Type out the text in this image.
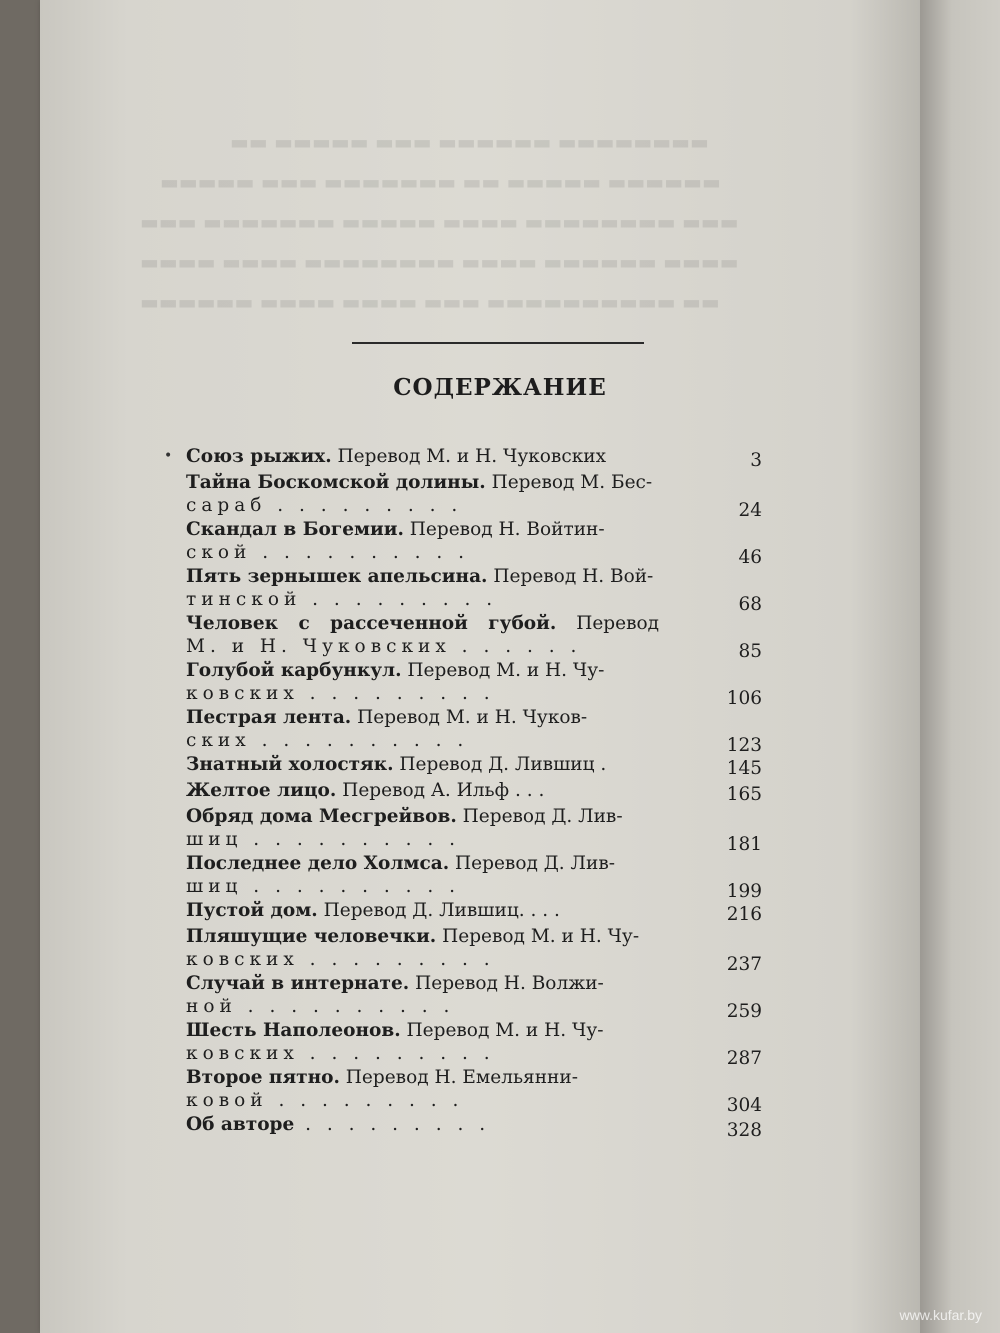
▬▬ ▬▬▬▬▬ ▬▬▬ ▬▬▬▬▬▬ ▬▬▬▬▬▬▬▬
▬▬▬▬▬ ▬▬▬ ▬▬▬▬▬▬▬ ▬▬ ▬▬▬▬▬ ▬▬▬▬▬▬
▬▬▬ ▬▬▬▬▬▬▬ ▬▬▬▬▬ ▬▬▬▬ ▬▬▬▬▬▬▬▬ ▬▬▬
▬▬▬▬ ▬▬▬▬ ▬▬▬▬▬▬▬▬ ▬▬▬▬ ▬▬▬▬▬▬ ▬▬▬▬
▬▬▬▬▬▬ ▬▬▬▬ ▬▬▬▬ ▬▬▬ ▬▬▬▬▬▬▬▬▬▬ ▬▬
СОДЕРЖАНИЕ
• Союз рыжих. Перевод М. и Н. Чуковских	3
Тайна Боскомской долины. Перевод М. Бес-
сараб . . . . . . . . .	24
Скандал в Богемии. Перевод Н. Войтин-
ской . . . . . . . . . .	46
Пять зернышек апельсина. Перевод Н. Вой-
тинской . . . . . . . . .	68
Человек с рассеченной губой. Перевод
М. и Н. Чуковских . . . . . .	85
Голубой карбункул. Перевод М. и Н. Чу-
ковских . . . . . . . . .	106
Пестрая лента. Перевод М. и Н. Чуков-
ских . . . . . . . . . .	123
Знатный холостяк. Перевод Д. Лившиц .	145
Желтое лицо. Перевод А. Ильф . . .	165
Обряд дома Месгрейвов. Перевод Д. Лив-
шиц . . . . . . . . . .	181
Последнее дело Холмса. Перевод Д. Лив-
шиц . . . . . . . . . .	199
Пустой дом. Перевод Д. Лившиц. . . .	216
Пляшущие человечки. Перевод М. и Н. Чу-
ковских . . . . . . . . .	237
Случай в интернате. Перевод Н. Волжи-
ной . . . . . . . . . .	259
Шесть Наполеонов. Перевод М. и Н. Чу-
ковских . . . . . . . . .	287
Второе пятно. Перевод Н. Емельянни-
ковой . . . . . . . . .	304
Об авторе . . . . . . . . .	328
www.kufar.by
